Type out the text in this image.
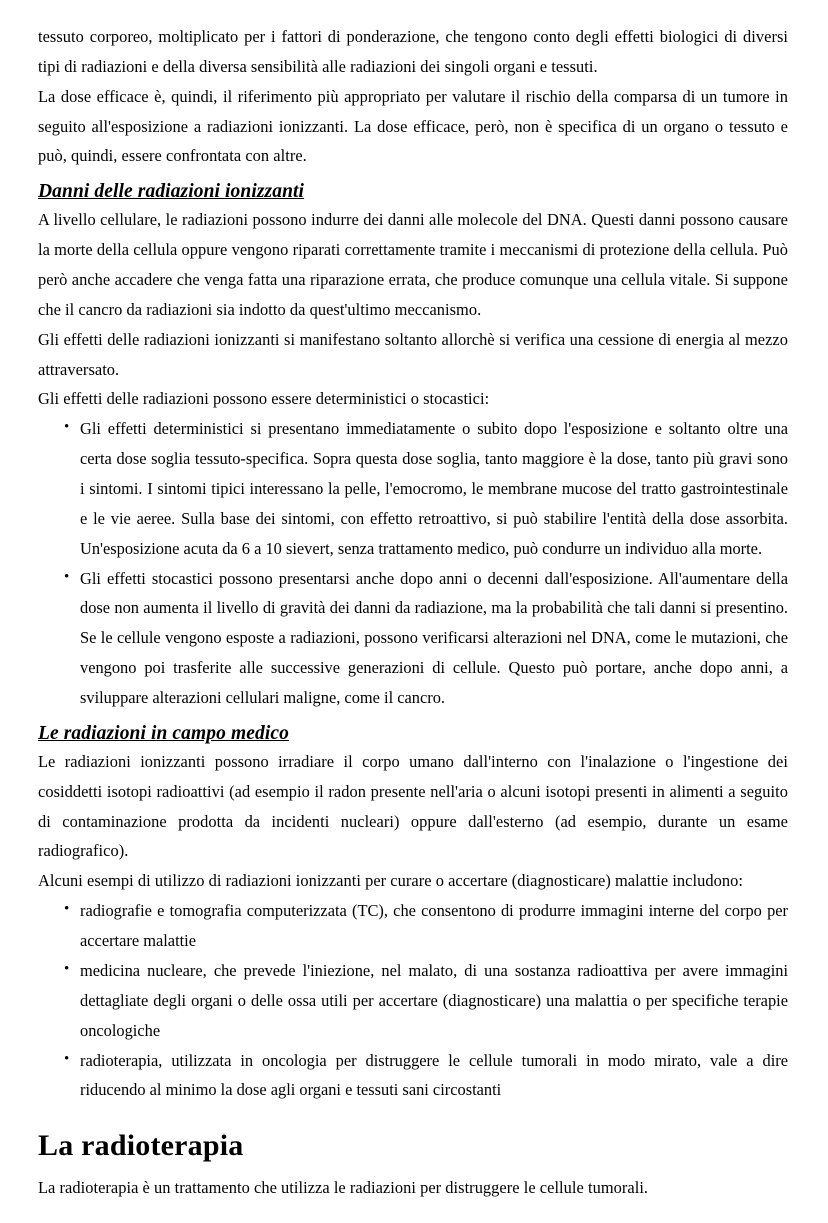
tessuto corporeo, moltiplicato per i fattori di ponderazione, che tengono conto degli effetti biologici di diversi tipi di radiazioni e della diversa sensibilità alle radiazioni dei singoli organi e tessuti.

La dose efficace è, quindi, il riferimento più appropriato per valutare il rischio della comparsa di un tumore in seguito all'esposizione a radiazioni ionizzanti. La dose efficace, però, non è specifica di un organo o tessuto e può, quindi, essere confrontata con altre.

Danni delle radiazioni ionizzanti

A livello cellulare, le radiazioni possono indurre dei danni alle molecole del DNA. Questi danni possono causare la morte della cellula oppure vengono riparati correttamente tramite i meccanismi di protezione della cellula. Può però anche accadere che venga fatta una riparazione errata, che produce comunque una cellula vitale. Si suppone che il cancro da radiazioni sia indotto da quest'ultimo meccanismo.

Gli effetti delle radiazioni ionizzanti si manifestano soltanto allorchè si verifica una cessione di energia al mezzo attraversato.

Gli effetti delle radiazioni possono essere deterministici o stocastici:

• Gli effetti deterministici si presentano immediatamente o subito dopo l'esposizione e soltanto oltre una certa dose soglia tessuto-specifica. Sopra questa dose soglia, tanto maggiore è la dose, tanto più gravi sono i sintomi. I sintomi tipici interessano la pelle, l'emocromo, le membrane mucose del tratto gastrointestinale e le vie aeree. Sulla base dei sintomi, con effetto retroattivo, si può stabilire l'entità della dose assorbita. Un'esposizione acuta da 6 a 10 sievert, senza trattamento medico, può condurre un individuo alla morte.
• Gli effetti stocastici possono presentarsi anche dopo anni o decenni dall'esposizione. All'aumentare della dose non aumenta il livello di gravità dei danni da radiazione, ma la probabilità che tali danni si presentino. Se le cellule vengono esposte a radiazioni, possono verificarsi alterazioni nel DNA, come le mutazioni, che vengono poi trasferite alle successive generazioni di cellule. Questo può portare, anche dopo anni, a sviluppare alterazioni cellulari maligne, come il cancro.
Le radiazioni in campo medico

Le radiazioni ionizzanti possono irradiare il corpo umano dall'interno con l'inalazione o l'ingestione dei cosiddetti isotopi radioattivi (ad esempio il radon presente nell'aria o alcuni isotopi presenti in alimenti a seguito di contaminazione prodotta da incidenti nucleari) oppure dall'esterno (ad esempio, durante un esame radiografico).

Alcuni esempi di utilizzo di radiazioni ionizzanti per curare o accertare (diagnosticare) malattie includono:

• radiografie e tomografia computerizzata (TC), che consentono di produrre immagini interne del corpo per accertare malattie
• medicina nucleare, che prevede l'iniezione, nel malato, di una sostanza radioattiva per avere immagini dettagliate degli organi o delle ossa utili per accertare (diagnosticare) una malattia o per specifiche terapie oncologiche
• radioterapia, utilizzata in oncologia per distruggere le cellule tumorali in modo mirato, vale a dire riducendo al minimo la dose agli organi e tessuti sani circostanti
La radioterapia

La radioterapia è un trattamento che utilizza le radiazioni per distruggere le cellule tumorali.
